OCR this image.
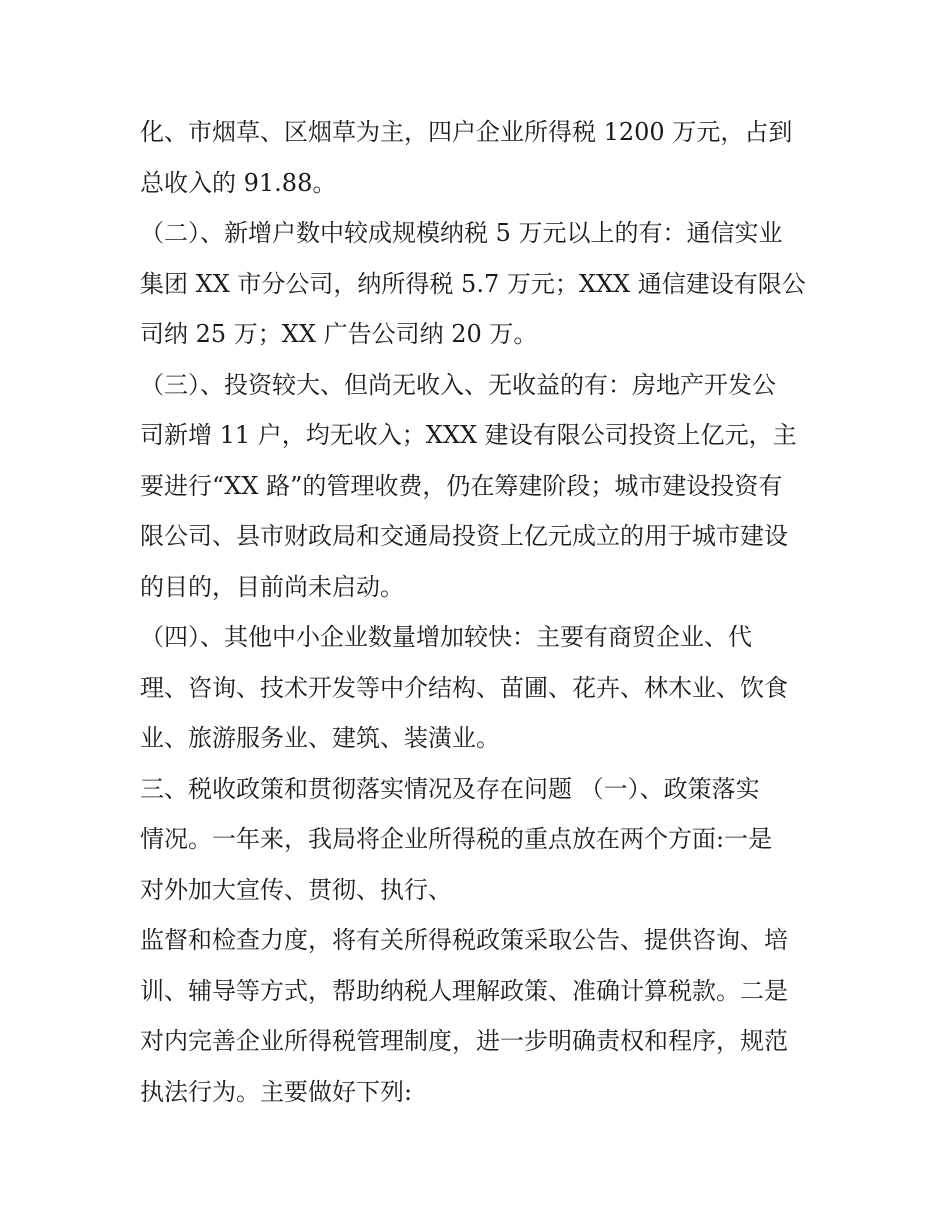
化、市烟草、区烟草为主，四户企业所得税 1200 万元，占到
总收入的 91.88。
（二）、新增户数中较成规模纳税 5 万元以上的有：通信实业
集团 XX 市分公司，纳所得税 5.7 万元；XXX 通信建设有限公
司纳 25 万；XX 广告公司纳 20 万。
（三）、投资较大、但尚无收入、无收益的有：房地产开发公
司新增 11 户，均无收入；XXX 建设有限公司投资上亿元，主
要进行“XX 路”的管理收费，仍在筹建阶段；城市建设投资有
限公司、县市财政局和交通局投资上亿元成立的用于城市建设
的目的，目前尚未启动。
（四）、其他中小企业数量增加较快：主要有商贸企业、代
理、咨询、技术开发等中介结构、苗圃、花卉、林木业、饮食
业、旅游服务业、建筑、装潢业。
三、税收政策和贯彻落实情况及存在问题 （一）、政策落实
情况。一年来，我局将企业所得税的重点放在两个方面:一是
对外加大宣传、贯彻、执行、
监督和检查力度，将有关所得税政策采取公告、提供咨询、培
训、辅导等方式，帮助纳税人理解政策、准确计算税款。二是
对内完善企业所得税管理制度，进一步明确责权和程序，规范
执法行为。主要做好下列:
